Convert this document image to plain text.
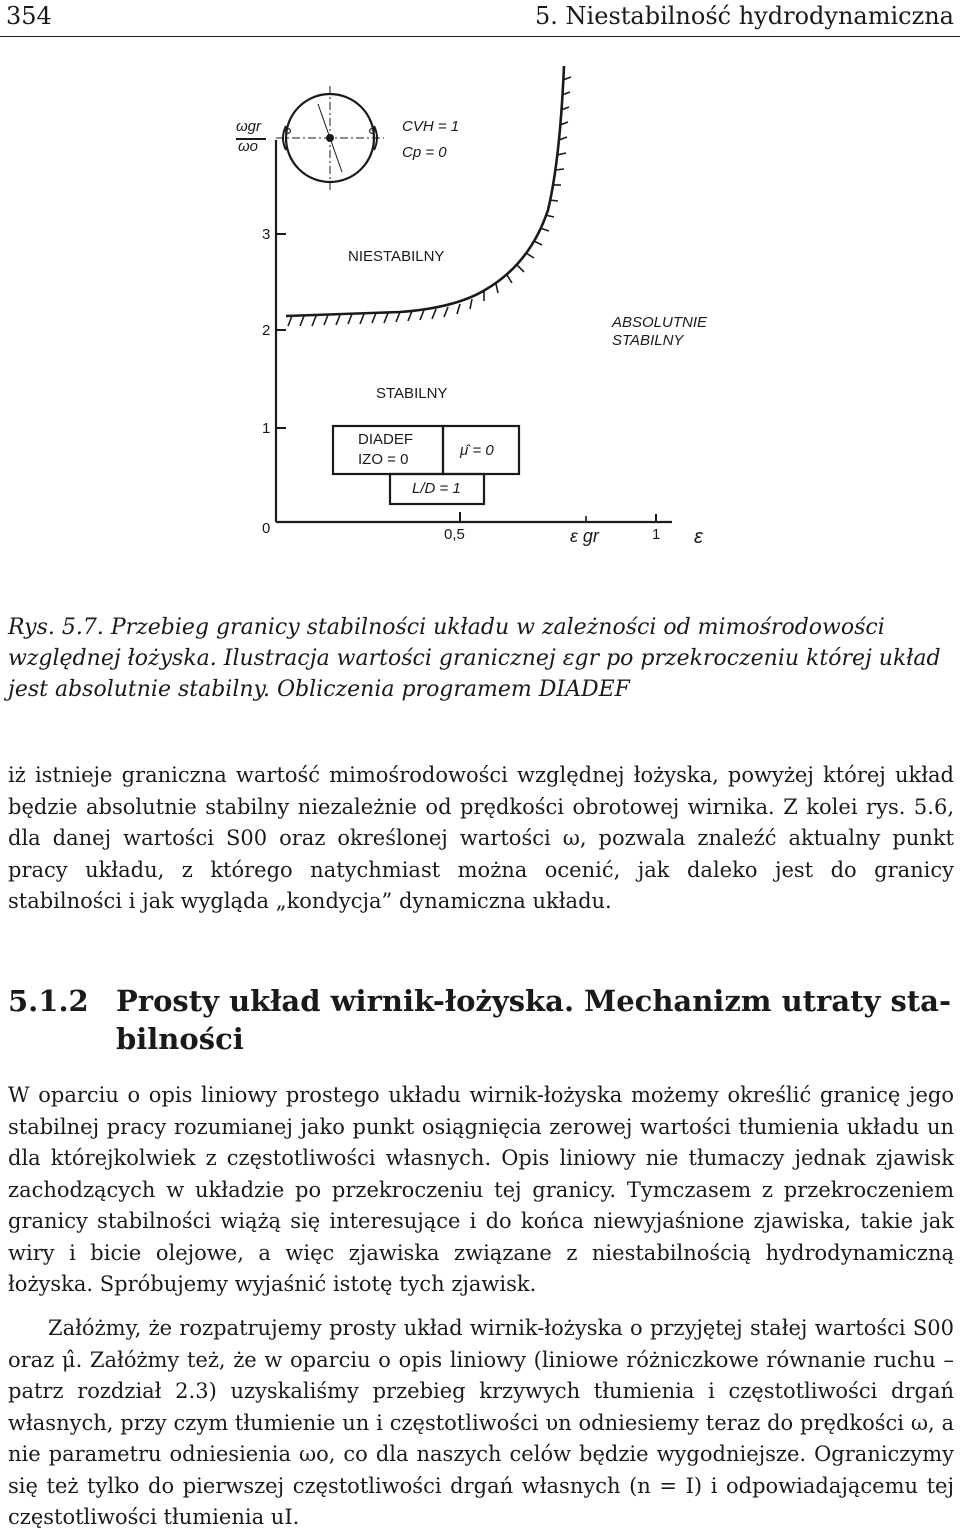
354	5. Niestabilność hydrodynamiczna
ωgr
ωo
CVH = 1
Cp = 0
3
2
1
0
NIESTABILNY
ABSOLUTNIE
STABILNY
STABILNY
DIADEF
IZO = 0
μ̂ = 0
L/D = 1
0,5	ε gr	1 ε
Rys. 5.7. Przebieg granicy stabilności układu w zależności od mimośrodowości względnej łożyska. Ilustracja wartości granicznej εgr po przekroczeniu której układ jest absolutnie stabilny. Obliczenia programem DIADEF
iż istnieje graniczna wartość mimośrodowości względnej łożyska, powyżej której układ będzie absolutnie stabilny niezależnie od prędkości obrotowej wirnika. Z kolei rys. 5.6, dla danej wartości S00 oraz określonej wartości ω, pozwala znaleźć aktualny punkt pracy układu, z którego natychmiast można ocenić, jak daleko jest do granicy stabilności i jak wygląda „kondycja” dynamiczna układu.
5.1.2 Prosty układ wirnik-łożyska. Mechanizm utraty sta-
bilności
W oparciu o opis liniowy prostego układu wirnik-łożyska możemy określić granicę jego stabilnej pracy rozumianej jako punkt osiągnięcia zerowej wartości tłumienia układu un dla którejkolwiek z częstotliwości własnych. Opis liniowy nie tłumaczy jednak zjawisk zachodzących w układzie po przekroczeniu tej granicy. Tymczasem z przekroczeniem granicy stabilności wiążą się interesujące i do końca niewyjaśnione zjawiska, takie jak wiry i bicie olejowe, a więc zjawiska związane z niestabilnością hydrodynamiczną łożyska. Spróbujemy wyjaśnić istotę tych zjawisk.
Załóżmy, że rozpatrujemy prosty układ wirnik-łożyska o przyjętej stałej wartości S00 oraz μ̂. Załóżmy też, że w oparciu o opis liniowy (liniowe różniczkowe równanie ruchu – patrz rozdział 2.3) uzyskaliśmy przebieg krzywych tłumienia i częstotliwości drgań własnych, przy czym tłumienie un i częstotliwości υn odniesiemy teraz do prędkości ω, a nie parametru odniesienia ωo, co dla naszych celów będzie wygodniejsze. Ograniczymy się też tylko do pierwszej częstotliwości drgań własnych (n = I) i odpowiadającemu tej częstotliwości tłumienia uI.
